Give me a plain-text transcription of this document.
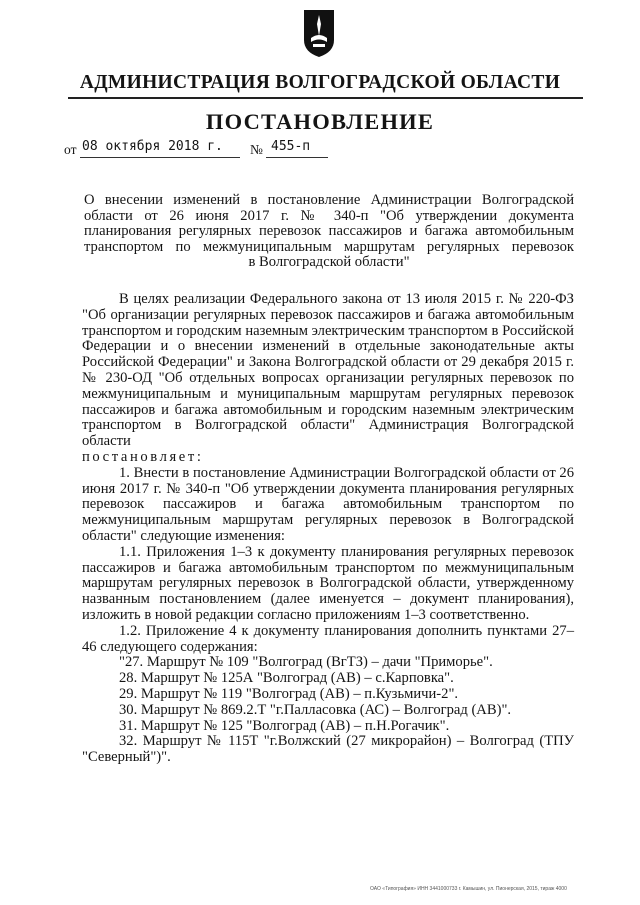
АДМИНИСТРАЦИЯ ВОЛГОГРАДСКОЙ ОБЛАСТИ
ПОСТАНОВЛЕНИЕ
от 08 октября 2018 г. № 455-п
О внесении изменений в постановление Администрации Волгоградской
области от 26 июня 2017 г. № 340-п "Об утверждении документа
планирования регулярных перевозок пассажиров и багажа автомобильным
транспортом по межмуниципальным маршрутам регулярных перевозок
в Волгоградской области"

В целях реализации Федерального закона от 13 июля 2015 г. № 220-ФЗ "Об организации регулярных перевозок пассажиров и багажа автомобильным транспортом и городским наземным электрическим транспортом в Российской Федерации и о внесении изменений в отдельные законодательные акты Российской Федерации" и Закона Волгоградской области от 29 декабря 2015 г. № 230-ОД "Об отдельных вопросах организации регулярных перевозок по межмуниципальным и муниципальным маршрутам регулярных перевозок пассажиров и багажа автомобильным и городским наземным электрическим транспортом в Волгоградской области" Администрация Волгоградской области

постановляет:

1. Внести в постановление Администрации Волгоградской области от 26 июня 2017 г. № 340-п "Об утверждении документа планирования регулярных перевозок пассажиров и багажа автомобильным транспортом по межмуниципальным маршрутам регулярных перевозок в Волгоградской области" следующие изменения:

1.1. Приложения 1–3 к документу планирования регулярных перевозок пассажиров и багажа автомобильным транспортом по межмуниципальным маршрутам регулярных перевозок в Волгоградской области, утвержденному названным постановлением (далее именуется – документ планирования), изложить в новой редакции согласно приложениям 1–3 соответственно.

1.2. Приложение 4 к документу планирования дополнить пунктами 27–46 следующего содержания:

"27. Маршрут № 109 "Волгоград (ВгТЗ) – дачи "Приморье".

28. Маршрут № 125А "Волгоград (АВ) – с.Карповка".

29. Маршрут № 119 "Волгоград (АВ) – п.Кузьмичи-2".

30. Маршрут № 869.2.Т "г.Палласовка (АС) – Волгоград (АВ)".

31. Маршрут № 125 "Волгоград (АВ) – п.Н.Рогачик".

32. Маршрут № 115Т "г.Волжский (27 микрорайон) – Волгоград (ТПУ "Северный")".

ОАО «Типография» ИНН 3441000733 г. Камышин, ул. Пионерская, 2015, тираж 4000
